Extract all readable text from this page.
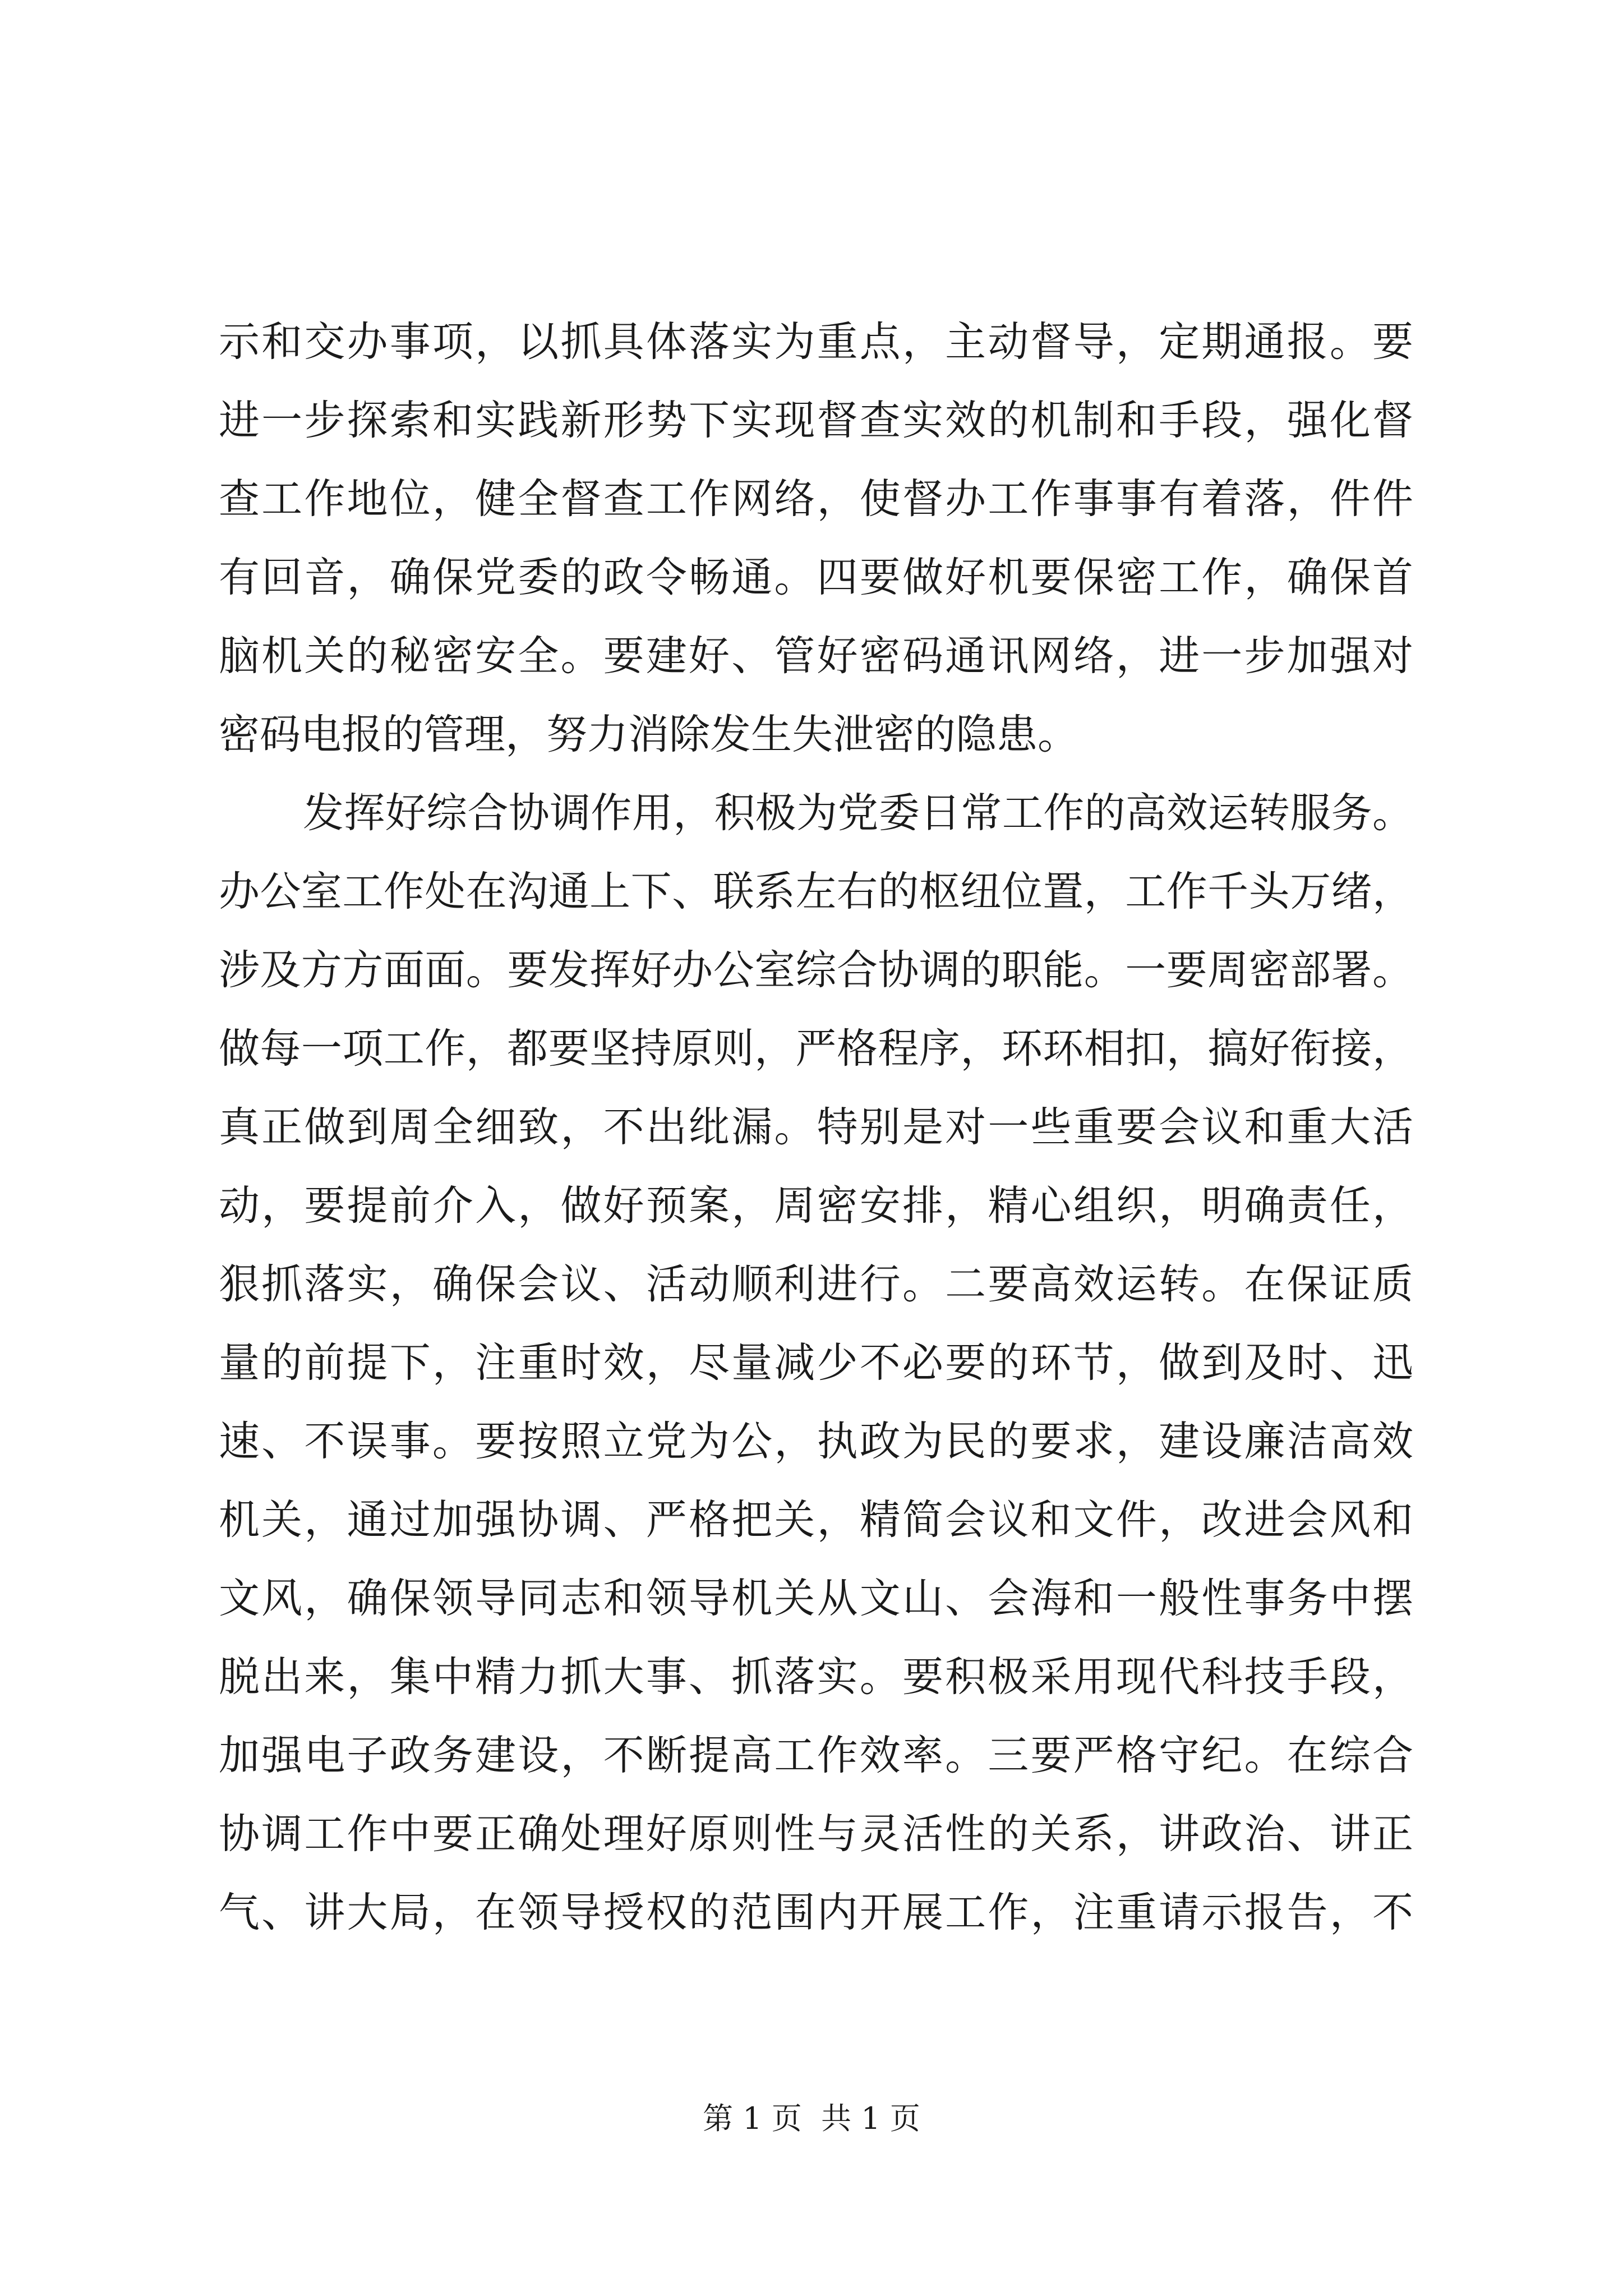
示和交办事项，以抓具体落实为重点，主动督导，定期通报。要
进一步探索和实践新形势下实现督查实效的机制和手段，强化督
查工作地位，健全督查工作网络，使督办工作事事有着落，件件
有回音，确保党委的政令畅通。四要做好机要保密工作，确保首
脑机关的秘密安全。要建好、管好密码通讯网络，进一步加强对
密码电报的管理，努力消除发生失泄密的隐患。
发挥好综合协调作用，积极为党委日常工作的高效运转服务。
办公室工作处在沟通上下、联系左右的枢纽位置，工作千头万绪，
涉及方方面面。要发挥好办公室综合协调的职能。一要周密部署。
做每一项工作，都要坚持原则，严格程序，环环相扣，搞好衔接，
真正做到周全细致，不出纰漏。特别是对一些重要会议和重大活
动，要提前介入，做好预案，周密安排，精心组织，明确责任，
狠抓落实，确保会议、活动顺利进行。二要高效运转。在保证质
量的前提下，注重时效，尽量减少不必要的环节，做到及时、迅
速、不误事。要按照立党为公，执政为民的要求，建设廉洁高效
机关，通过加强协调、严格把关，精简会议和文件，改进会风和
文风，确保领导同志和领导机关从文山、会海和一般性事务中摆
脱出来，集中精力抓大事、抓落实。要积极采用现代科技手段，
加强电子政务建设，不断提高工作效率。三要严格守纪。在综合
协调工作中要正确处理好原则性与灵活性的关系，讲政治、讲正
气、讲大局，在领导授权的范围内开展工作，注重请示报告，不
第 1 页  共 1 页
